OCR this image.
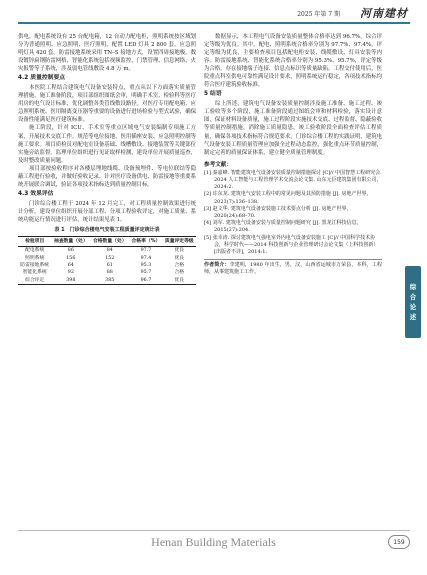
2025 年第 7 期 河南建材

供电，配电系统设有 25 台配电箱，12 台动力配电柜，照明系统按区域划分为普通照明、应急照明、医疗照明，配置 LED 灯具 2 800 套，应急照明灯具 420 套。防雷接地系统采用 TN–S 接地方式，设置四周接地极，数设镀锌扁钢防雷网格，智能化系统包括视频监控、门禁管理、信息网络、火灾报警等子系统，涉及弱电管线敷设 4.8 万 m。

4.2 质量控制要点

本医院工程结合建筑电气设备安装特点，重点从以下方面落实质量管理措施。施工准备阶段，项目部组织图纸会审，明确手术室、检验科等医疗用房的电气设计标准，优化调整各类管线敷设路径。对医疗专用配电箱、应急照明系统、医用隔离变压器等重要的设备进行进场检验与型式试验，确保设备性能满足医疗建筑标准。

施工阶段，针对 ICU、手术室等重点区域电气安装编制专项施工方案，开展技术交底工作。规范等电位接地、医用插座安装、应急照明控制等施工要求。项目质检员对配电室设备基础、线槽敷设、接地装置等关键部位实施旁站监督。监理单位组织进行见证取样检测，建设单位开展质量巡查，及时整改质量问题。

项目部按验收程序对各楼层埋地线缆、设备预埋件、等电位联结等隐蔽工程进行验收，并做好验收记录。针对医疗设备供电、防雷接地等重要系统开展联合调试，验证各项技术指标达到质量控制目标。

4.3 效果评估

门诊综合楼工程于 2024 年 12 月完工，对工程质量控制效果进行统计分析。建设单位组织开展分部工程、分项工程验收评定，对施工质量、系统功能运行情况进行评估，统计结果见表 1。

表 1　门诊综合楼电气安装工程质量评定统计表
检验项目	抽查数量（处）	合格数量（处）	合格率（%）	质量评定等级
配电系统	86	84	97.7	优良
照明系统	156	152	97.4	优良
防雷接地系统	64	61	95.3	合格
智能化系统	92	88	95.7	合格
综合评定	398	385	96.7	优良

数据显示，本工程电气设备安装质量整体合格率达到 96.7%，综合评定等级为优良。其中，配电、照明系统合格率分别为 97.7%、97.4%，评定等级为优良，主要检查项目包括配电柜安装、线缆敷设、灯具安装等内容。防雷接地系统、智能化系统合格率分别为 95.3%、95.7%，评定等级为合格，存在接地端子连接、信息点标识等质量缺陷。工程交付使用后，医院重点科室供电可靠性满足设计要求，照明系统运行稳定，各项技术指标均符合医疗建筑验收标准。

5 结语

综上所述，建筑电气设备安装质量控制涉及施工准备、施工过程、竣工验收等多个阶段，施工准备阶段通过图纸会审和材料检验，落实设计意图，保证材料设备质量，施工过程阶段实施技术交底、过程监督、隐蔽验收等质量控制措施，消除施工质量隐患。竣工验收阶段全面检查评估工程质量，确保各项技术指标符合规范要求。门诊综合楼工程的实践证明，建筑电气设备安装工程质量管理应加强全过程动态监控，强化重点环节质量控制，制定完善的质量保证体系，建立健全质量管理制度。

参考文献：
[1] 秦嘉峰. 智能建筑电气设备安装质量控制措施探讨 [C]// 中国智慧工程研究会. 2024 人工智能与工程管理学术交流会论文集. 山东元臣建筑集团有限公司，2024:2.
[2] 许东龙. 建筑电气安装工程中的常见问题及其预防措施 [J]. 房地产世界，2023(7):136–138.
[3] 赵文华. 建筑电气设备安装施工技术要点分析 [J]. 房地产世界，2020(24):68–70.
[4] 刘军. 建筑电气设备安装与质量控制问题研究 [J]. 黑龙江科技信息，2015(27):204.
[5] 张幸涛. 探讨建筑电气强电室外内电气设备安装施工 [C]// 中国科学技术协会，科学时代——2014 科技创新与企业管理研讨会论文集（上科技创新）[出版者不详]，2014:1.
作者简介：李建明，1980 年出生，男，汉，山西省运城市万荣县，本科，工程师，从事建筑施工工作。
综
合
论
述
Henan Building Materials	159
